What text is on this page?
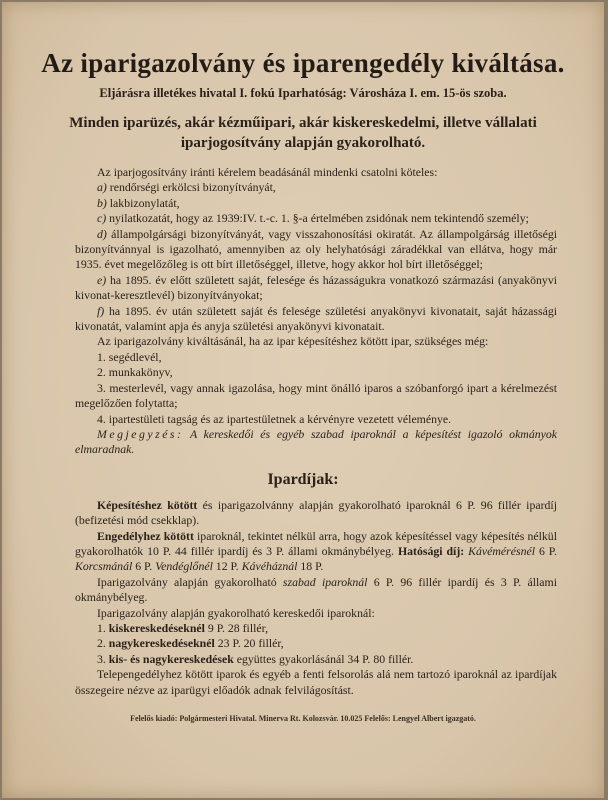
Az iparigazolvány és iparengedély kiváltása.
Eljárásra illetékes hivatal I. fokú Iparhatóság: Városháza I. em. 15-ös szoba.
Minden iparüzés, akár kézműipari, akár kiskereskedelmi, illetve vállalati iparjogosítvány alapján gyakorolható.

Az iparjogosítvány iránti kérelem beadásánál mindenki csatolni köteles:

a) rendőrségi erkölcsi bizonyítványát,

b) lakbizonylatát,

c) nyilatkozatát, hogy az 1939:IV. t.-c. 1. §-a értelmében zsidónak nem tekintendő személy;

d) állampolgársági bizonyítványát, vagy visszahonosítási okiratát. Az állampolgárság illetőségi bizonyítvánnyal is igazolható, amennyiben az oly helyhatósági záradékkal van ellátva, hogy már 1935. évet megelőzőleg is ott bírt illetőséggel, illetve, hogy akkor hol bírt illetőséggel;

e) ha 1895. év előtt született saját, felesége és házasságukra vonatkozó származási (anyakönyvi kivonat-keresztlevél) bizonyítványokat;

f) ha 1895. év után született saját és felesége születési anyakönyvi kivonatait, saját házassági kivonatát, valamint apja és anyja születési anyakönyvi kivonatait.

Az iparigazolvány kiváltásánál, ha az ipar képesítéshez kötött ipar, szükséges még:

1. segédlevél,

2. munkakönyv,

3. mesterlevél, vagy annak igazolása, hogy mint önálló iparos a szóbanforgó ipart a kérelmezést megelőzően folytatta;

4. ipartestületi tagság és az ipartestületnek a kérvényre vezetett véleménye.

Megjegyzés: A kereskedői és egyéb szabad iparoknál a képesítést igazoló okmányok elmaradnak.

Ipardíjak:

Képesítéshez kötött és iparigazolvánny alapján gyakorolható iparoknál 6 P. 96 fillér ipardíj (befizetési mód csekklap).

Engedélyhez kötött iparoknál, tekintet nélkül arra, hogy azok képesítéssel vagy képesítés nélkül gyakorolhatók 10 P. 44 fillér ipardíj és 3 P. állami okmánybélyeg. Hatósági díj: Kávémérésnél 6 P. Korcsmánál 6 P. Vendéglőnél 12 P. Kávéháznál 18 P.

Iparigazolvány alapján gyakorolható szabad iparoknál 6 P. 96 fillér ipardíj és 3 P. állami okmánybélyeg.

Iparigazolvány alapján gyakorolható kereskedői iparoknál:

1. kiskereskedéseknél 9 P. 28 fillér,

2. nagykereskedéseknél 23 P. 20 fillér,

3. kis- és nagykereskedések együttes gyakorlásánál 34 P. 80 fillér.

Telepengedélyhez kötött iparok és egyéb a fenti felsorolás alá nem tartozó iparoknál az ipardíjak összegeire nézve az iparügyi előadók adnak felvilágosítást.

Felelős kiadó: Polgármesteri Hivatal. Minerva Rt. Kolozsvár. 10.025 Felelős: Lengyel Albert igazgató.
